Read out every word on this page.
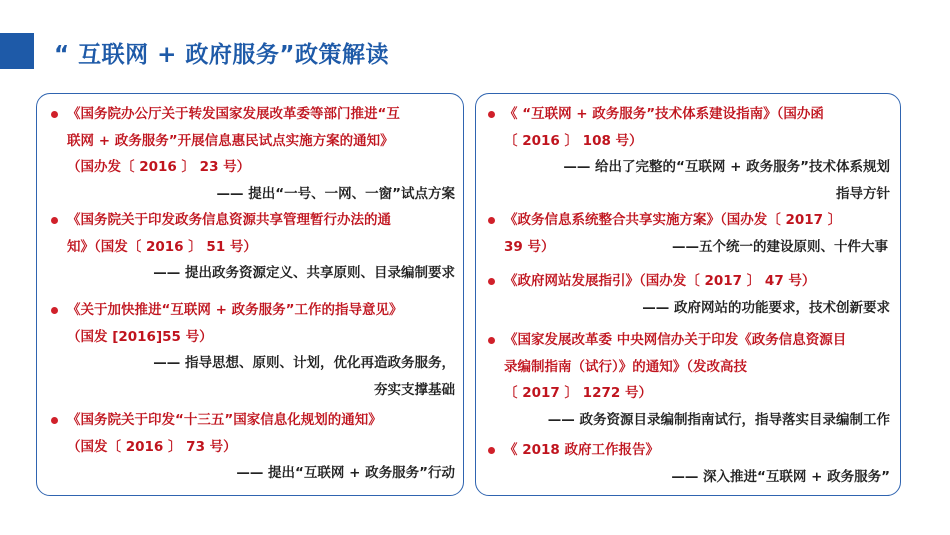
“ 互联网 + 政府服务”政策解读
《国务院办公厅关于转发国家发展改革委等部门推进“互
联网 + 政务服务”开展信息惠民试点实施方案的通知》
（国办发〔 2016 〕 23 号）
—— 提出“一号、一网、一窗”试点方案
《国务院关于印发政务信息资源共享管理暂行办法的通
知》（国发〔 2016 〕 51 号）
—— 提出政务资源定义、共享原则、目录编制要求
《关于加快推进“互联网 + 政务服务”工作的指导意见》
（国发 [2016]55 号）
—— 指导思想、原则、计划，优化再造政务服务，
夯实支撑基础
《国务院关于印发“十三五”国家信息化规划的通知》
（国发〔 2016 〕 73 号）
—— 提出“互联网 + 政务服务”行动
《 “互联网 + 政务服务”技术体系建设指南》（国办函
〔 2016 〕 108 号）
—— 给出了完整的“互联网 + 政务服务”技术体系规划
指导方针
《政务信息系统整合共享实施方案》（国办发〔 2017 〕
39 号）	——五个统一的建设原则、十件大事
《政府网站发展指引》（国办发〔 2017 〕 47 号）
—— 政府网站的功能要求，技术创新要求
《国家发展改革委 中央网信办关于印发《政务信息资源目
录编制指南（试行）》的通知》（发改高技
〔 2017 〕 1272 号）
—— 政务资源目录编制指南试行，指导落实目录编制工作
《 2018 政府工作报告》
—— 深入推进“互联网 + 政务服务”
